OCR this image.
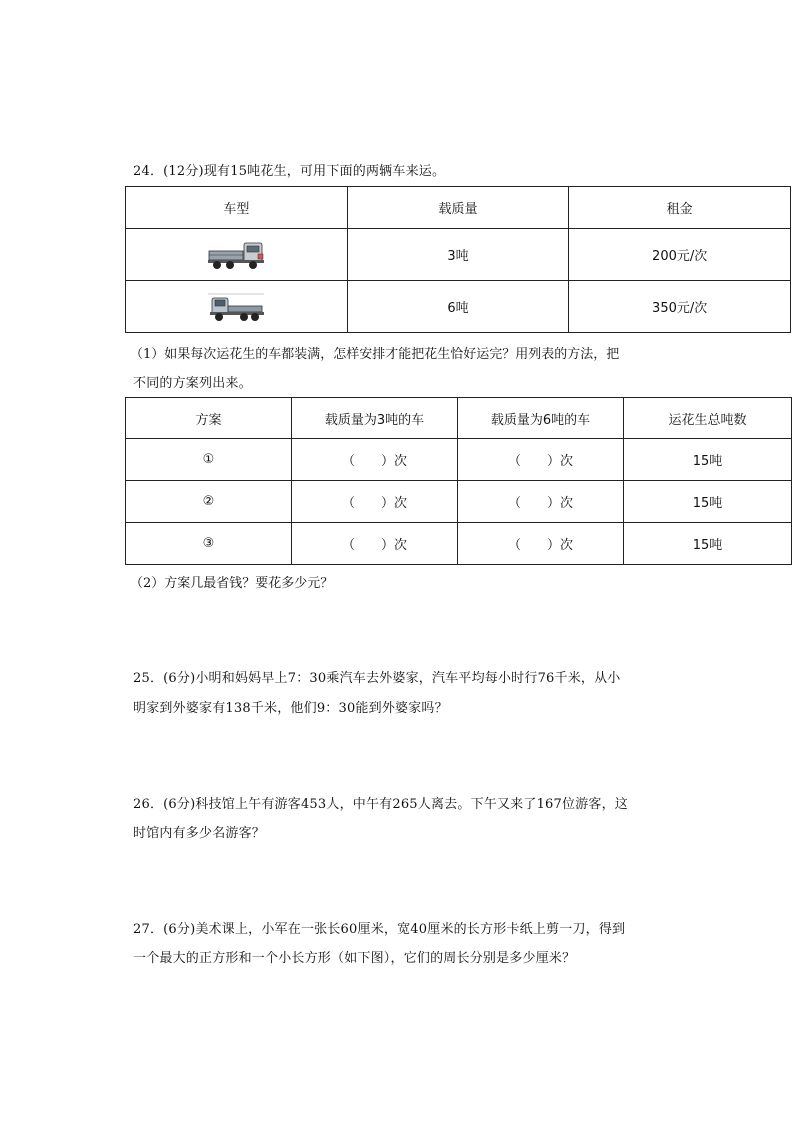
24．(12分)现有15吨花生，可用下面的两辆车来运。
车型	载质量	租金

	3吨	200元/次

	6吨	350元/次
（1）如果每次运花生的车都装满，怎样安排才能把花生恰好运完？用列表的方法，把
不同的方案列出来。
方案	载质量为3吨的车	载质量为6吨的车	运花生总吨数
①	（　　）次	（　　）次	15吨
②	（　　）次	（　　）次	15吨
③	（　　）次	（　　）次	15吨
（2）方案几最省钱？要花多少元？
25．(6分)小明和妈妈早上7：30乘汽车去外婆家，汽车平均每小时行76千米，从小
明家到外婆家有138千米，他们9：30能到外婆家吗？
26．(6分)科技馆上午有游客453人，中午有265人离去。下午又来了167位游客，这
时馆内有多少名游客？
27．(6分)美术课上，小军在一张长60厘米，宽40厘米的长方形卡纸上剪一刀，得到
一个最大的正方形和一个小长方形（如下图），它们的周长分别是多少厘米？
